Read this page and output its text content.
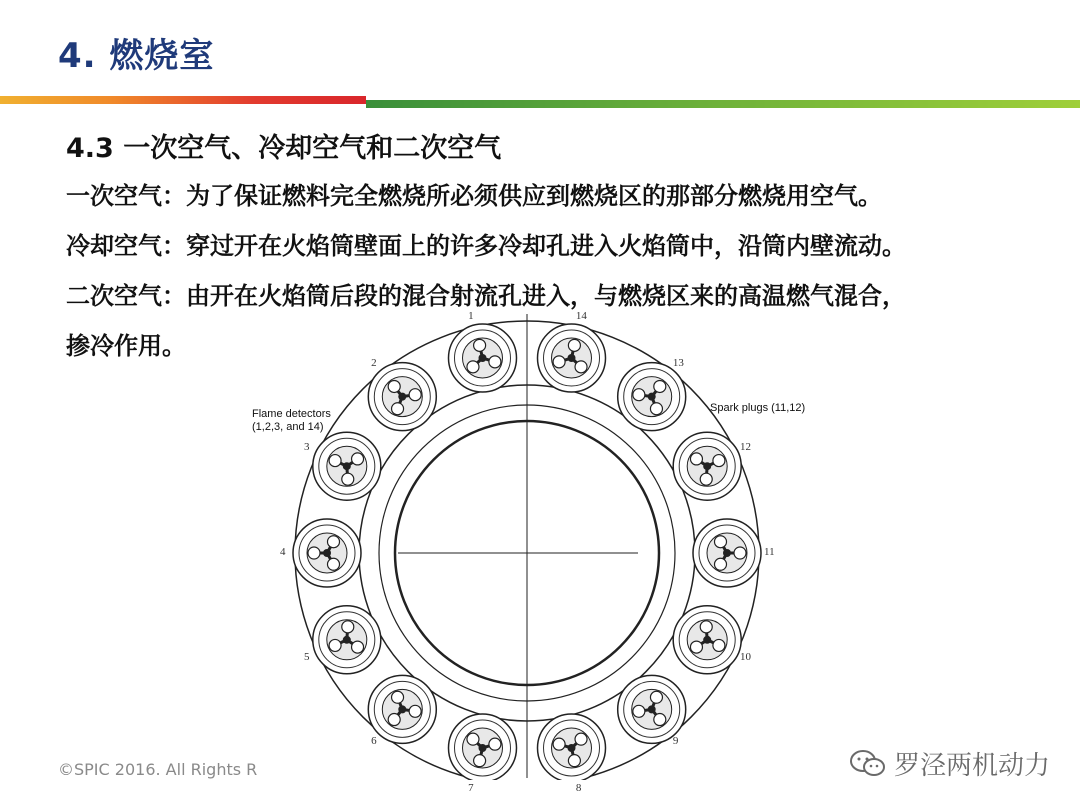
4. 燃烧室
4.3 一次空气、冷却空气和二次空气
一次空气：为了保证燃料完全燃烧所必须供应到燃烧区的那部分燃烧用空气。
冷却空气：穿过开在火焰筒壁面上的许多冷却孔进入火焰筒中，沿筒内壁流动。
二次空气：由开在火焰筒后段的混合射流孔进入，与燃烧区来的高温燃气混合，
掺冷作用。
Flame detectors
(1,2,3, and 14)
Spark plugs (11,12)
1
2
3
4
5
6
7	8
9
10
11
12
13
14
©SPIC 2016. All Rights R	罗泾两机动力
